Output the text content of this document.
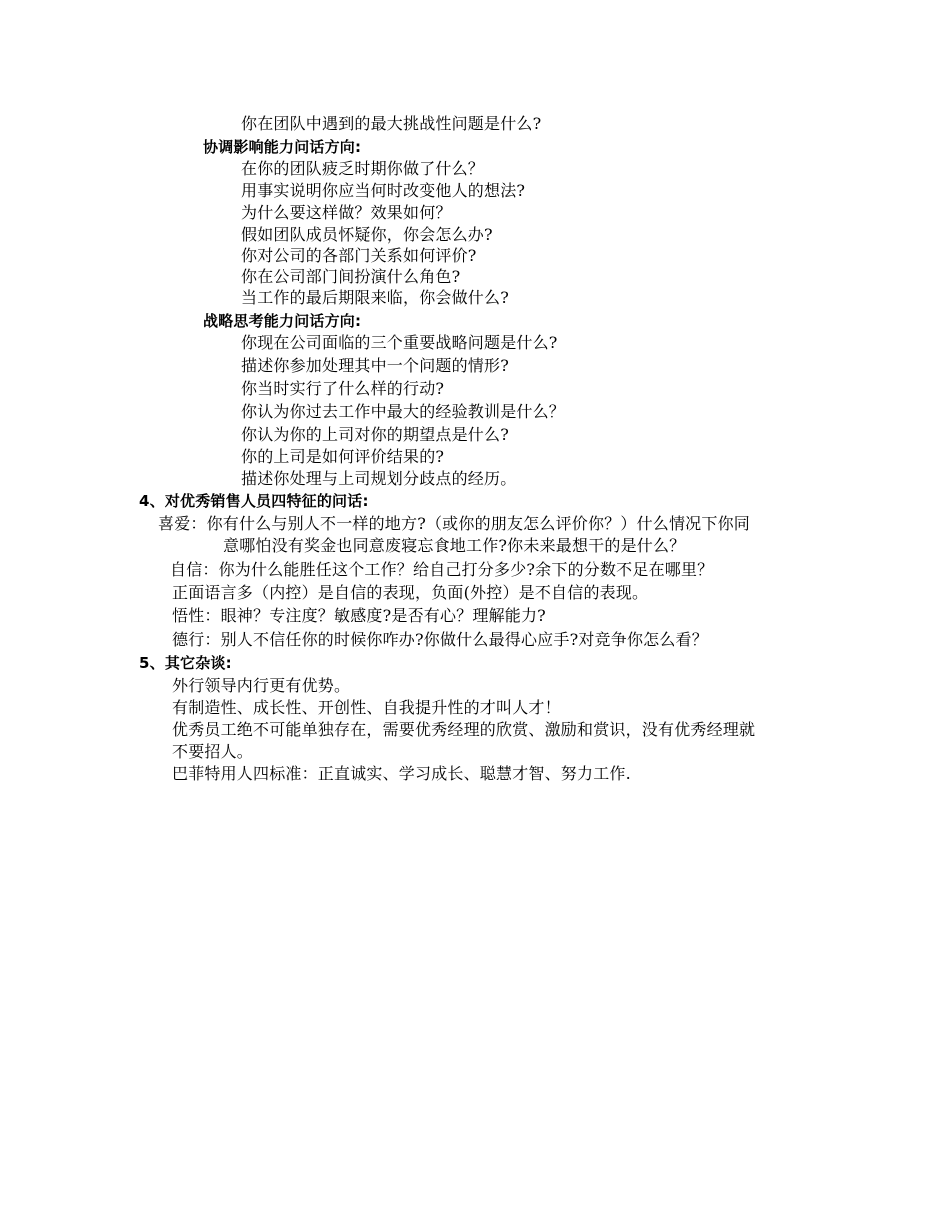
你在团队中遇到的最大挑战性问题是什么?
协调影响能力问话方向:
在你的团队疲乏时期你做了什么？
用事实说明你应当何时改变他人的想法?
为什么要这样做？效果如何？
假如团队成员怀疑你，你会怎么办?
你对公司的各部门关系如何评价?
你在公司部门间扮演什么角色?
当工作的最后期限来临，你会做什么?
战略思考能力问话方向:
你现在公司面临的三个重要战略问题是什么?
描述你参加处理其中一个问题的情形?
你当时实行了什么样的行动?
你认为你过去工作中最大的经验教训是什么？
你认为你的上司对你的期望点是什么?
你的上司是如何评价结果的?
描述你处理与上司规划分歧点的经历。
4、对优秀销售人员四特征的问话:
喜爱：你有什么与别人不一样的地方?（或你的朋友怎么评价你？）什么情况下你同
意哪怕没有奖金也同意废寝忘食地工作?你未来最想干的是什么？
自信：你为什么能胜任这个工作？给自己打分多少?余下的分数不足在哪里？
正面语言多（内控）是自信的表现，负面(外控）是不自信的表现。
悟性：眼神？专注度？敏感度?是否有心？理解能力?
德行：别人不信任你的时候你咋办?你做什么最得心应手?对竞争你怎么看？
5、其它杂谈:
外行领导内行更有优势。
有制造性、成长性、开创性、自我提升性的才叫人才！
优秀员工绝不可能单独存在，需要优秀经理的欣赏、激励和赏识，没有优秀经理就
不要招人。
巴菲特用人四标准：正直诚实、学习成长、聪慧才智、努力工作.
